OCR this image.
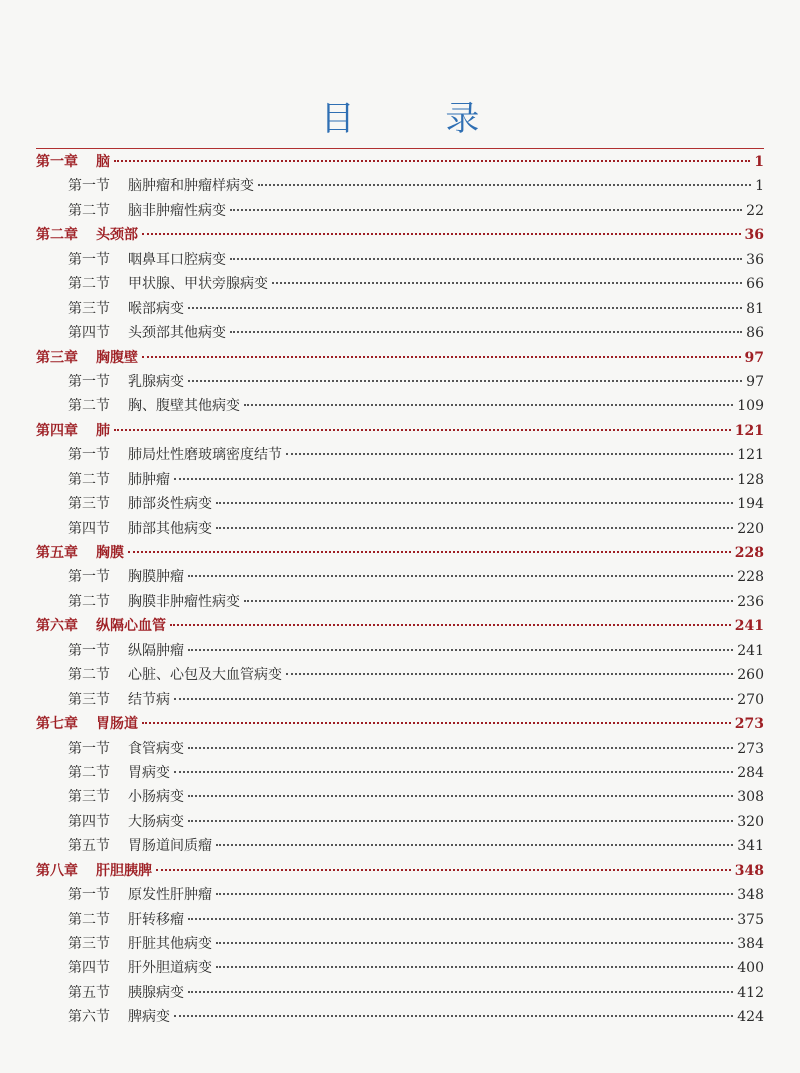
目 录
第一章	脑	1
第一节	脑肿瘤和肿瘤样病变	1
第二节	脑非肿瘤性病变	22
第二章	头颈部	36
第一节	咽鼻耳口腔病变	36
第二节	甲状腺、甲状旁腺病变	66
第三节	喉部病变	81
第四节	头颈部其他病变	86
第三章	胸腹壁	97
第一节	乳腺病变	97
第二节	胸、腹壁其他病变	109
第四章	肺	121
第一节	肺局灶性磨玻璃密度结节	121
第二节	肺肿瘤	128
第三节	肺部炎性病变	194
第四节	肺部其他病变	220
第五章	胸膜	228
第一节	胸膜肿瘤	228
第二节	胸膜非肿瘤性病变	236
第六章	纵隔心血管	241
第一节	纵隔肿瘤	241
第二节	心脏、心包及大血管病变	260
第三节	结节病	270
第七章	胃肠道	273
第一节	食管病变	273
第二节	胃病变	284
第三节	小肠病变	308
第四节	大肠病变	320
第五节	胃肠道间质瘤	341
第八章	肝胆胰脾	348
第一节	原发性肝肿瘤	348
第二节	肝转移瘤	375
第三节	肝脏其他病变	384
第四节	肝外胆道病变	400
第五节	胰腺病变	412
第六节	脾病变	424
